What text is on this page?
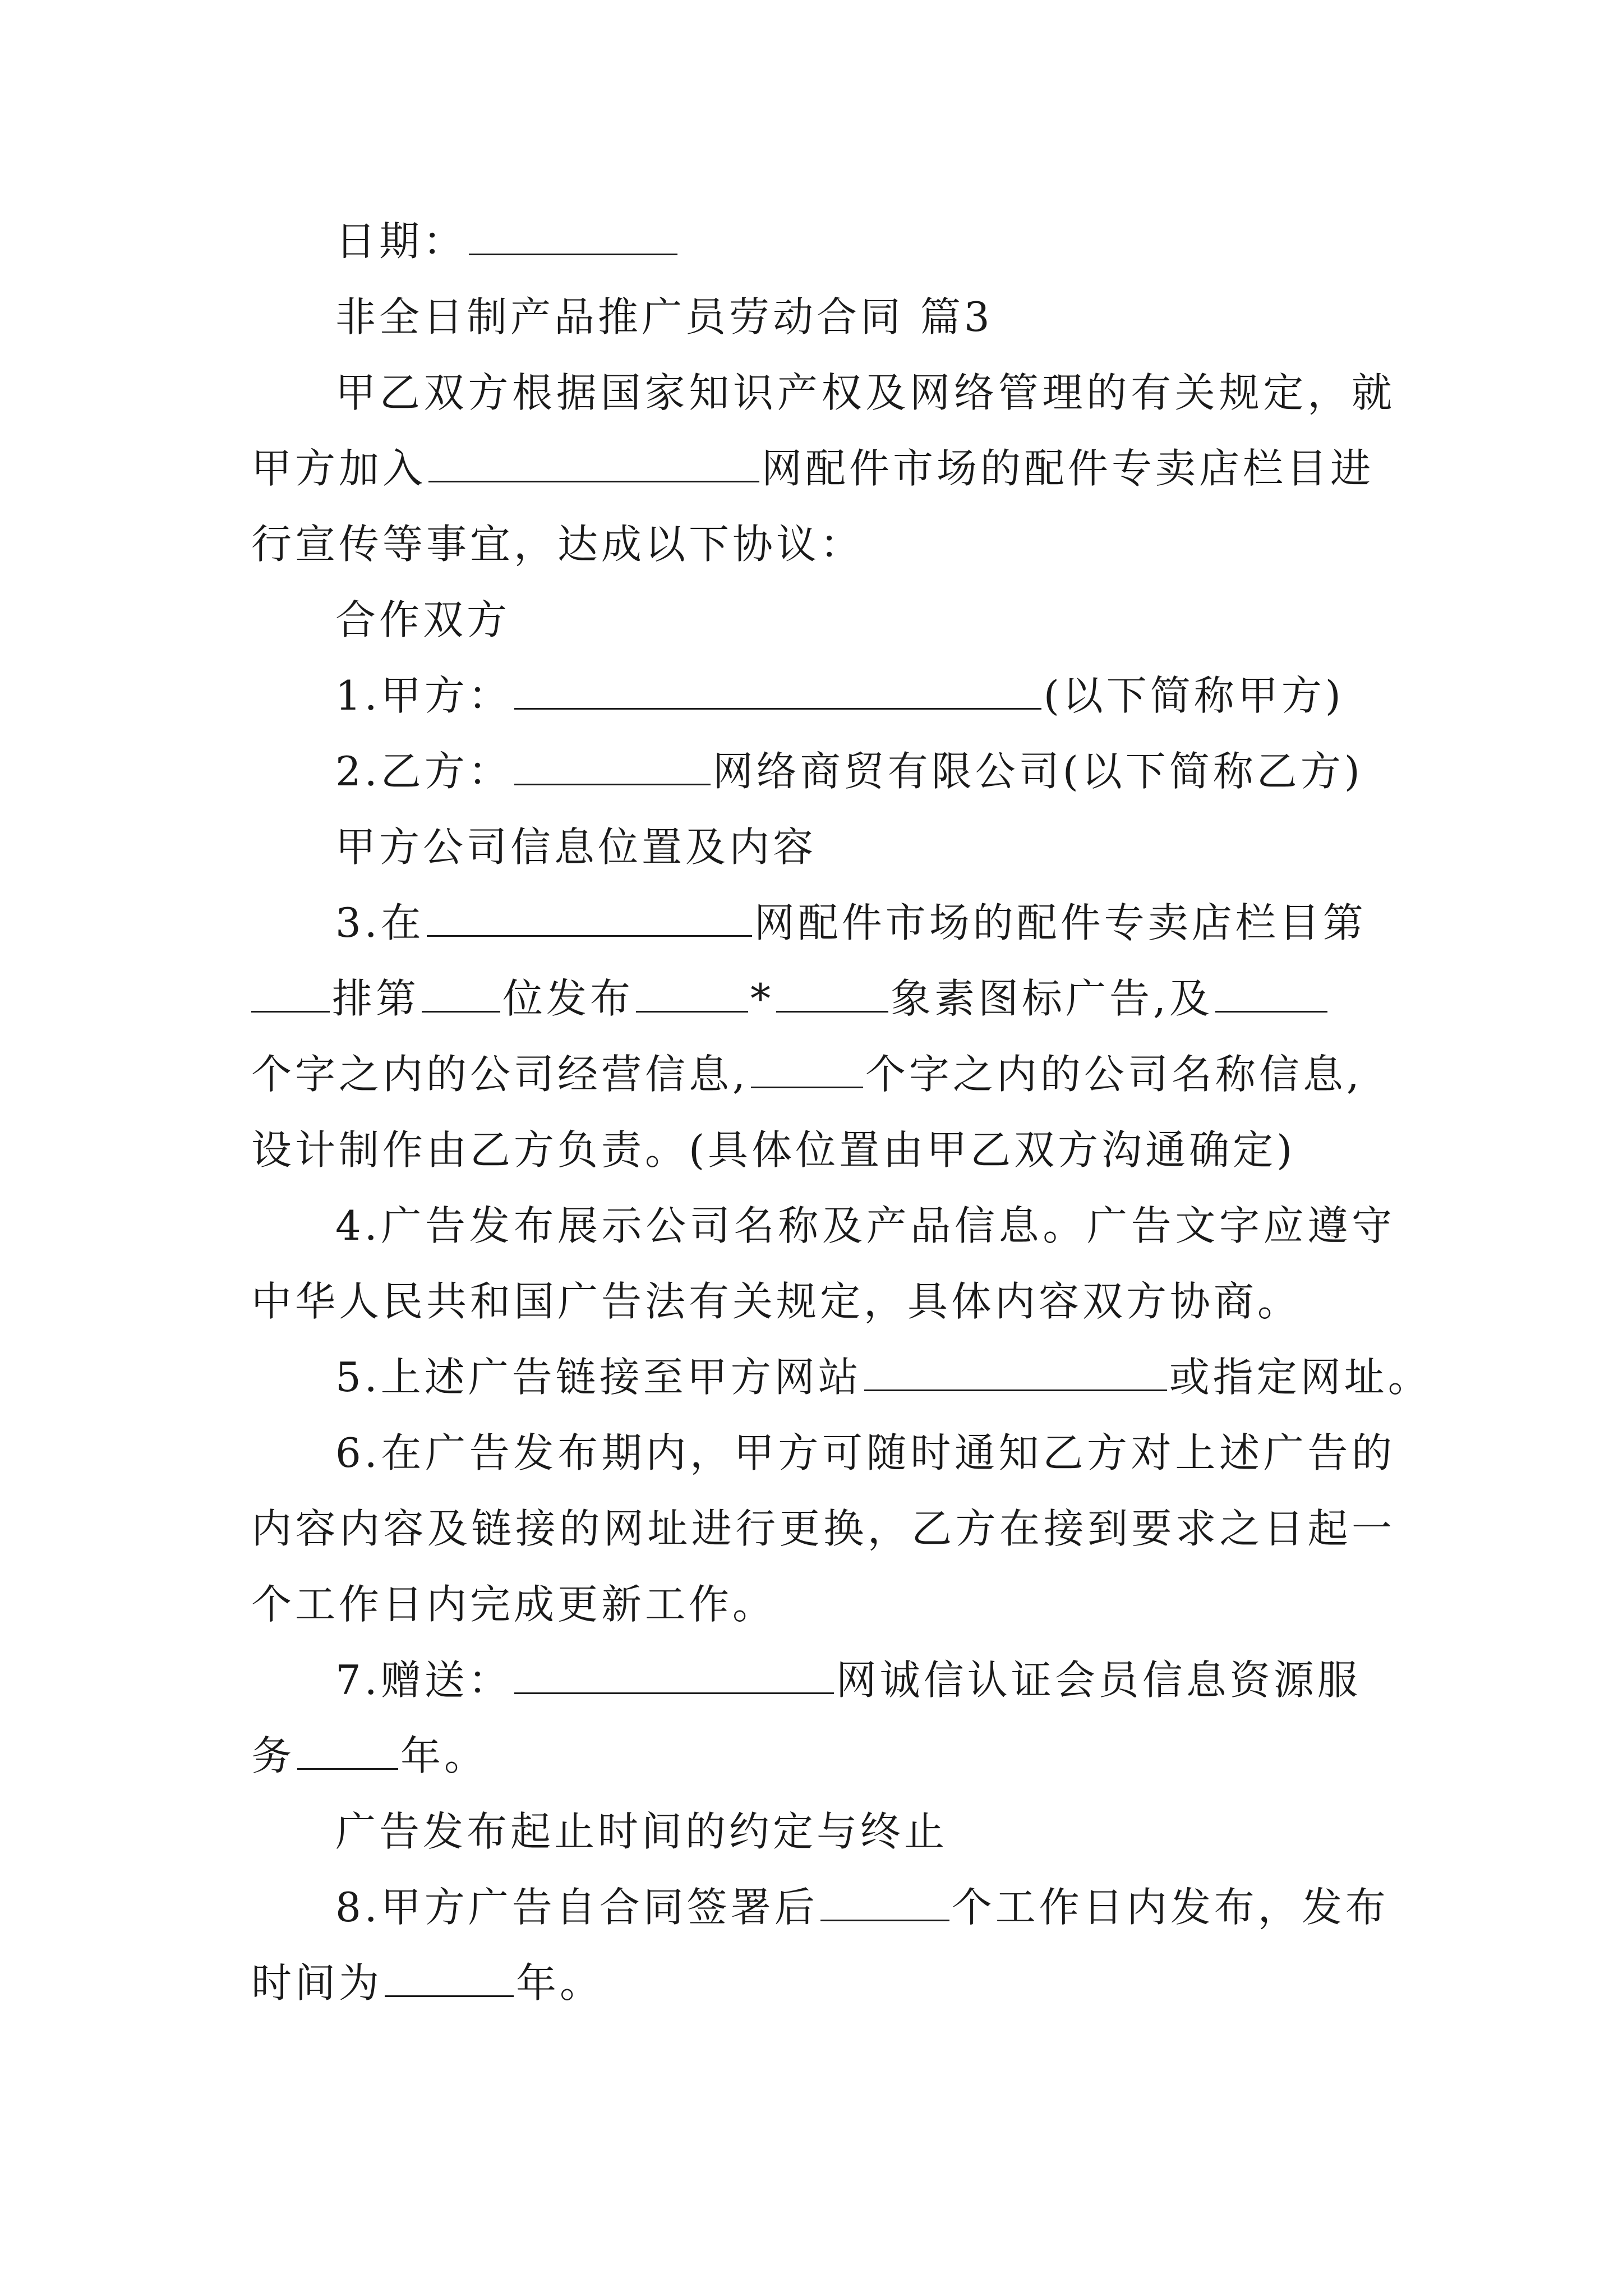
日期：
非全日制产品推广员劳动合同 篇3
甲乙双方根据国家知识产权及网络管理的有关规定，就
甲方加入	网配件市场的配件专卖店栏目进
行宣传等事宜，达成以下协议：
合作双方
1.甲方：	(以下简称甲方)
2.乙方：	网络商贸有限公司(以下简称乙方)
甲方公司信息位置及内容
3.在	网配件市场的配件专卖店栏目第
排第 位发布	*	象素图标广告,及
个字之内的公司经营信息,	个字之内的公司名称信息,
设计制作由乙方负责。(具体位置由甲乙双方沟通确定)
4.广告发布展示公司名称及产品信息。广告文字应遵守
中华人民共和国广告法有关规定，具体内容双方协商。
5.上述广告链接至甲方网站	或指定网址。
6.在广告发布期内，甲方可随时通知乙方对上述广告的
内容内容及链接的网址进行更换，乙方在接到要求之日起一
个工作日内完成更新工作。
7.赠送：	网诚信认证会员信息资源服
务	年。
广告发布起止时间的约定与终止
8.甲方广告自合同签署后	个工作日内发布，发布
时间为	年。
